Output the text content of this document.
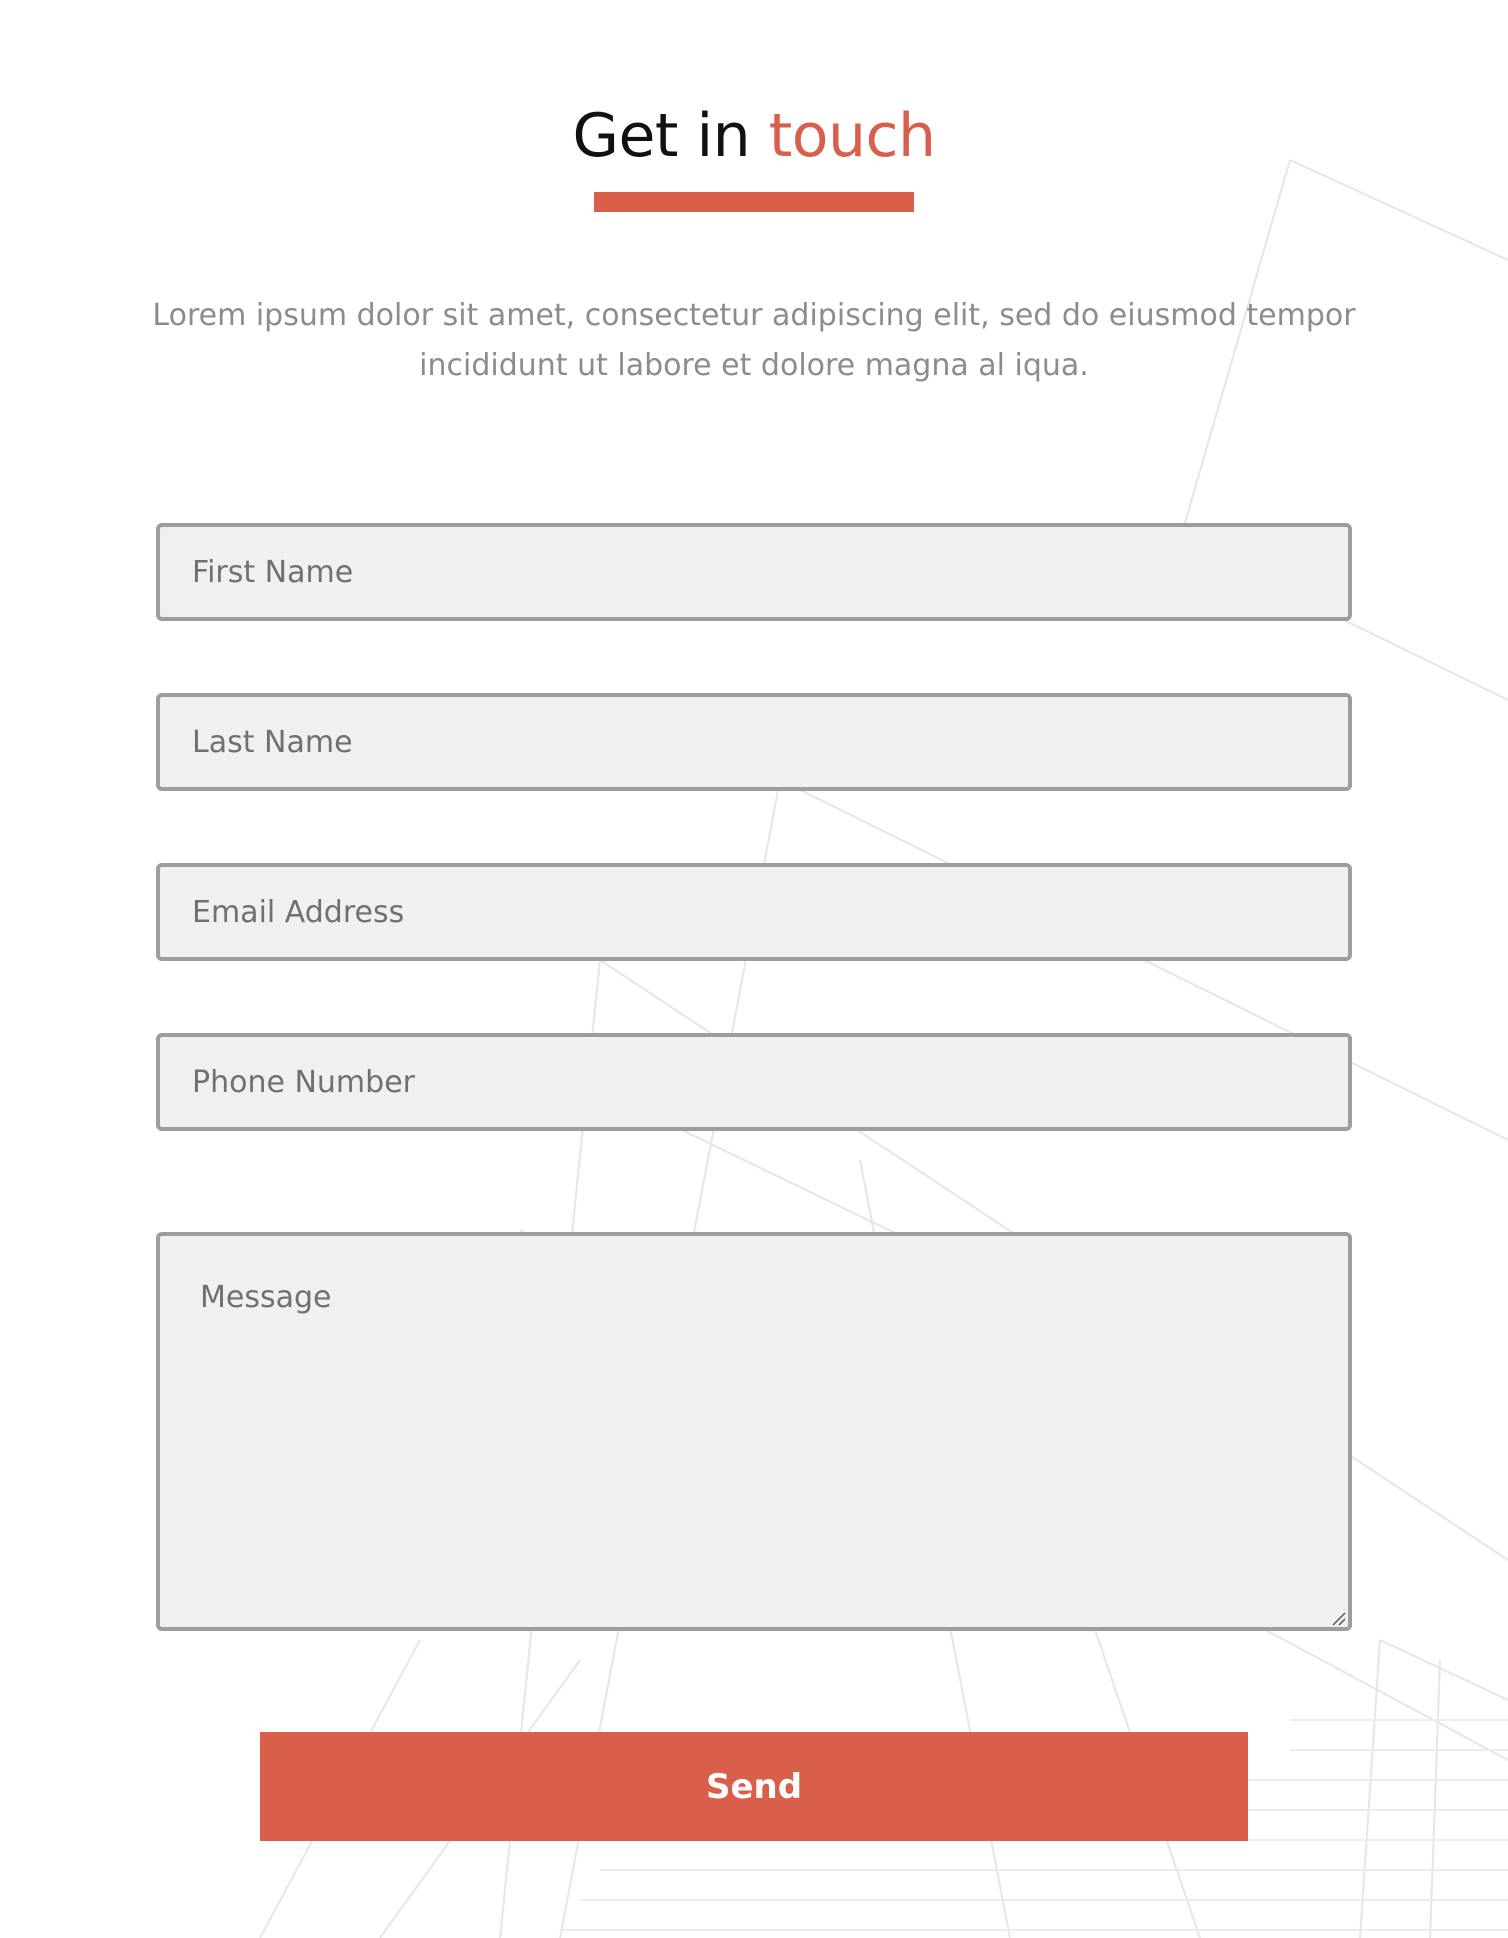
Get in touch

Lorem ipsum dolor sit amet, consectetur adipiscing elit, sed do eiusmod tempor
incididunt ut labore et dolore magna al iqua.

First Name
Last Name
Email Address
Phone Number
Message
Send
